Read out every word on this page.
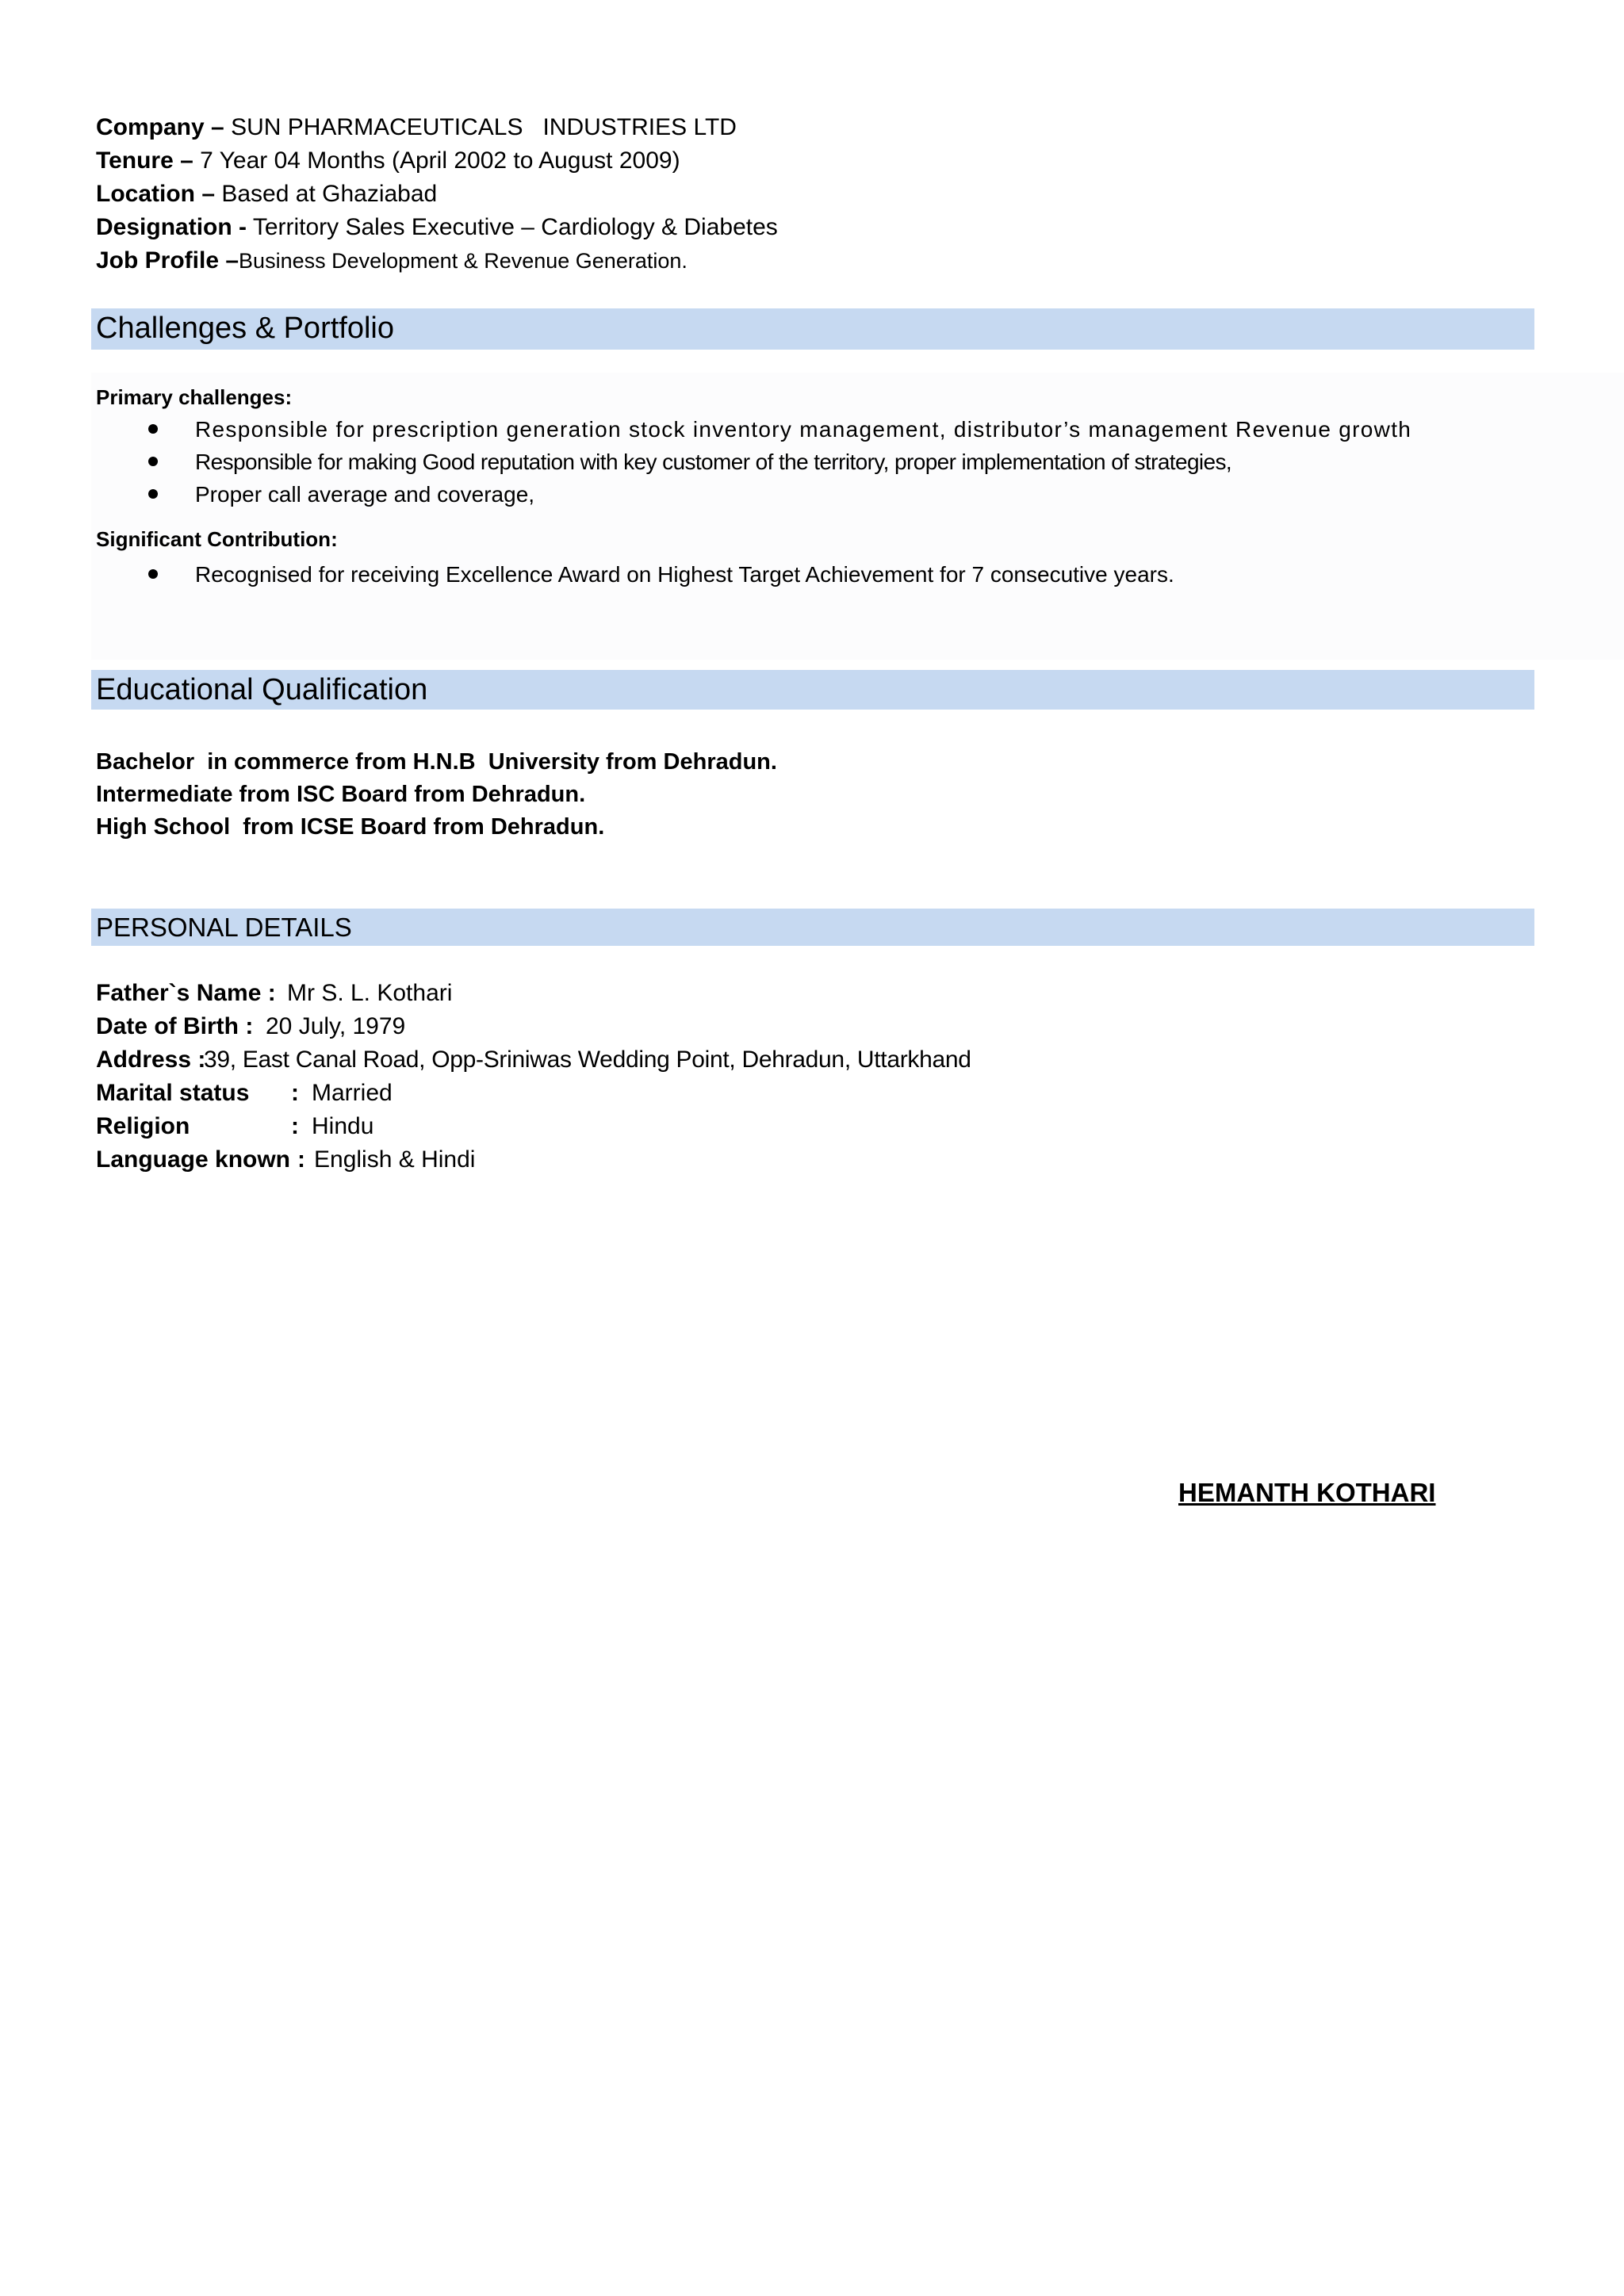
Company – SUN PHARMACEUTICALS   INDUSTRIES LTD
Tenure – 7 Year 04 Months (April 2002 to August 2009)
Location – Based at Ghaziabad
Designation - Territory Sales Executive – Cardiology & Diabetes
Job Profile –Business Development & Revenue Generation.
Challenges & Portfolio
Primary challenges:
Responsible for prescription generation stock inventory management, distributor’s management Revenue growth
Responsible for making Good reputation with key customer of the territory, proper implementation of strategies,
Proper call average and coverage,
Significant Contribution:
Recognised for receiving Excellence Award on Highest Target Achievement for 7 consecutive years.
Educational Qualification
Bachelor  in commerce from H.N.B  University from Dehradun.
Intermediate from ISC Board from Dehradun.
High School  from ICSE Board from Dehradun.
PERSONAL DETAILS
Father`s Name : Mr S. L. Kothari
Date of Birth : 20 July, 1979
Address :
39, East Canal Road, Opp-Sriniwas Wedding Point, Dehradun, Uttarkhand
Marital status : Married
Religion	: Hindu
Language known : English & Hindi
HEMANTH KOTHARI
